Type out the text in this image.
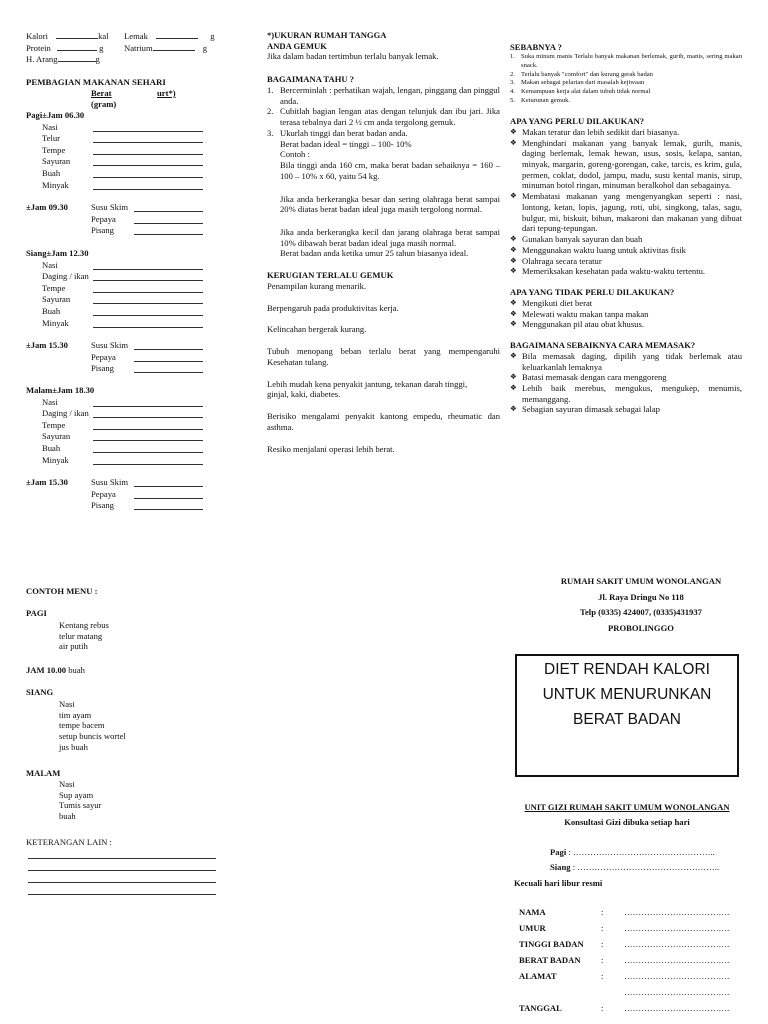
Kalori	kal Lemak	g
Protein	g Natrium	g
H. Arang	g
PEMBAGIAN MAKANAN SEHARI
Berat	urt*)
(gram)
Pagi±Jam 06.30
Nasi
Telur
Tempe
Sayuran
Buah
Minyak
±Jam 09.30	Susu Skim
Pepaya
Pisang
Siang±Jam 12.30
Nasi
Daging / ikan
Tempe
Sayuran
Buah
Minyak
±Jam 15.30	Susu Skim
Pepaya
Pisang
Malam±Jam 18.30
Nasi
Daging / ikan
Tempe
Sayuran
Buah
Minyak
±Jam 15.30	Susu Skim
Pepaya
Pisang
CONTOH MENU :
PAGI
Kentang rebus
telur matang
air putih
JAM 10.00 buah
SIANG
Nasi
tim ayam
tempe bacem
setup buncis wortel
jus buah
MALAM
Nasi
Sup ayam
Tumis sayur
buah
KETERANGAN LAIN :
*)UKURAN RUMAH TANGGA
ANDA GEMUK

Jika dalam badan tertimbun terlalu banyak lemak.

BAGAIMANA TAHU ?
1. Bercerminlah : perhatikan wajah, lengan, pinggang dan pinggul anda.
2. Cubitlah bagian lengan atas dengan telunjuk dan ibu jari. Jika terasa tebalnya dari 2 ½ cm anda tergolong gemuk.
3. Ukurlah tinggi dan berat badan anda.

Berat badan ideal = tinggi – 100- 10%

Contoh :

Bila tinggi anda 160 cm, maka berat badan sebaiknya = 160 – 100 – 10% x 60, yaitu 54 kg.

Jika anda berkerangka besar dan sering olahraga berat sampai 20% diatas berat badan ideal juga masih tergolong normal.

Jika anda berkerangka kecil dan jarang olahraga berat sampai 10% dibawah berat badan ideal juga masih normal.

Berat badan anda ketika umur 25 tahun biasanya ideal.

KERUGIAN TERLALU GEMUK

Penampilan kurang menarik.

Berpengaruh pada produktivitas kerja.

Kelincahan bergerak kurang.

Tubuh menopang beban terlalu berat yang mempengaruhi Kesehatan tulang.

Lebih mudah kena penyakit jantung, tekanan darah tinggi,

ginjal, kaki, diabetes.

Berisiko mengalami penyakit kantong empedu, rheumatic dan asthma.

Resiko menjalani operasi lebih berat.

SEBABNYA ?
1. Suka minum manis Terlalu banyak makanan berlemak, gurih, manis, sering makan snack.
2. Terlalu banyak "comfort" dan kurang gerak badan
3. Makan sebagai pelarian dari masalah kejiwaan
4. Kemampuan kerja alat dalam tubuh tidak normal
5. Keturunan gemuk.
APA YANG PERLU DILAKUKAN?
❖ Makan teratur dan lebih sedikit dari biasanya.
❖ Menghindari makanan yang banyak lemak, gurih, manis, daging berlemak, lemak hewan, usus, sosis, kelapa, santan, minyak, margarin, goreng-gorengan, cake, tarcis, es krim, gula, permen, coklat, dodol, jampu, madu, susu kental manis, sirup, minuman botol ringan, minuman beralkohol dan sebagainya.
❖ Membatasi makanan yang mengenyangkan seperti : nasi, lontong, ketan, lopis, jagung, roti, ubi, singkong, talas, sagu, bulgur, mi, biskuit, bihun, makaroni dan makanan yang dibuat dari tepung-tepungan.
❖ Gunakan banyak sayuran dan buah
❖ Menggunakan waktu luang untuk aktivitas fisik
❖ Olahraga secara teratur
❖ Memeriksakan kesehatan pada waktu-waktu tertentu.
APA YANG TIDAK PERLU DILAKUKAN?
❖ Mengikuti diet berat
❖ Melewati waktu makan tanpa makan
❖ Menggunakan pil atau obat khusus.
BAGAIMANA SEBAIKNYA CARA MEMASAK?
❖ Bila memasak daging, dipilih yang tidak berlemak atau keluarkanlah lemaknya
❖ Batasi memasak dengan cara menggoreng
❖ Lebih baik merebus, mengukus, mengukep, menumis, memanggang.
❖ Sebagian sayuran dimasak sebagai lalap
RUMAH SAKIT UMUM WONOLANGAN
Jl. Raya Dringu No 118
Telp (0335) 424007, (0335)431937
PROBOLINGGO
DIET RENDAH KALORI
UNTUK MENURUNKAN
BERAT BADAN
UNIT GIZI RUMAH SAKIT UMUM WONOLANGAN
Konsultasi Gizi dibuka setiap hari
Pagi : …………………………………………..
Siang : …………………………………………..
Kecuali hari libur resmi
NAMA	: ……………………………….
UMUR	: ……………………………….
TINGGI BADAN : ……………………………….
BERAT BADAN : ……………………………….
ALAMAT	: ……………………………….
……………………………….
TANGGAL	: ……………………………….
